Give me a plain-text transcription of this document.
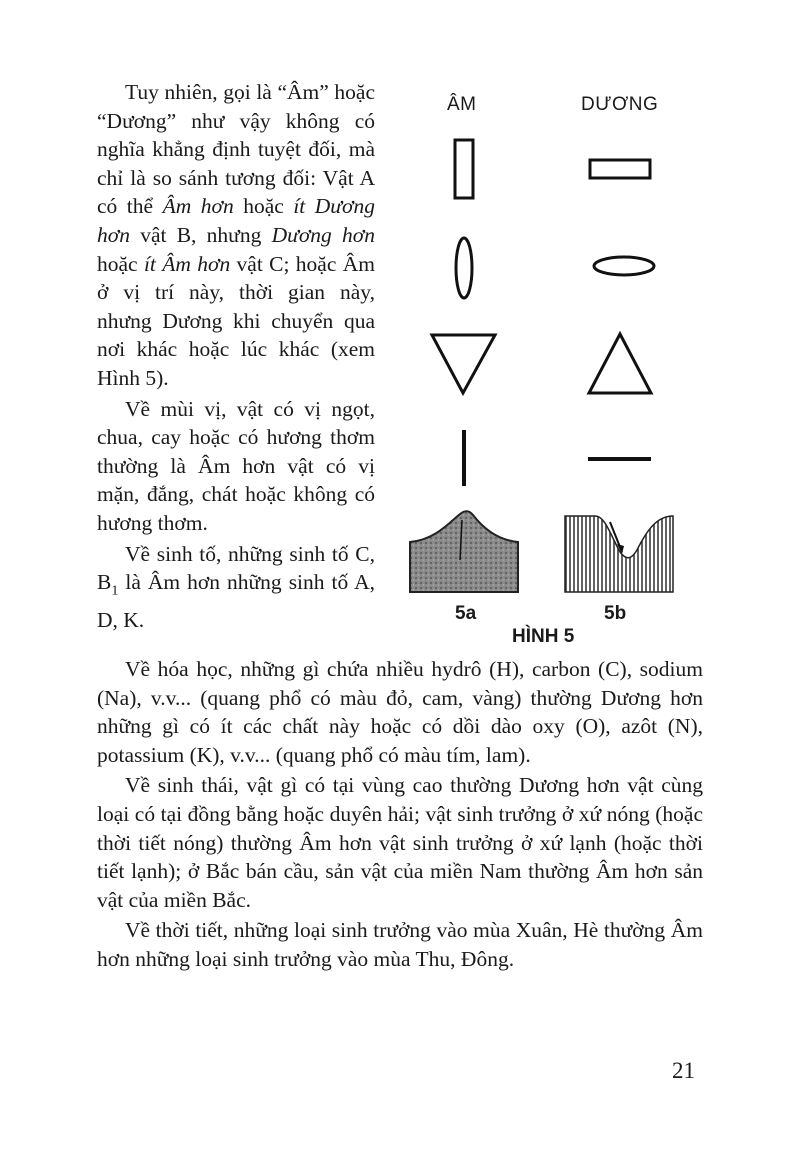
Tuy nhiên, gọi là “Âm” hoặc “Dương” như vậy không có nghĩa khẳng định tuyệt đối, mà chỉ là so sánh tương đối: Vật A có thể Âm hơn hoặc ít Dương hơn vật B, nhưng Dương hơn hoặc ít Âm hơn vật C; hoặc Âm ở vị trí này, thời gian này, nhưng Dương khi chuyển qua nơi khác hoặc lúc khác (xem Hình 5).

Về mùi vị, vật có vị ngọt, chua, cay hoặc có hương thơm thường là Âm hơn vật có vị mặn, đắng, chát hoặc không có hương thơm.

Về sinh tố, những sinh tố C, $B_1$ là Âm hơn những sinh tố A, D, K.

ÂM	DƯƠNG
5a	5b
HÌNH 5

Về hóa học, những gì chứa nhiều hydrô (H), carbon (C), sodium (Na), v.v... (quang phổ có màu đỏ, cam, vàng) thường Dương hơn những gì có ít các chất này hoặc có dồi dào oxy (O), azôt (N), potassium (K), v.v... (quang phổ có màu tím, lam).

Về sinh thái, vật gì có tại vùng cao thường Dương hơn vật cùng loại có tại đồng bằng hoặc duyên hải; vật sinh trưởng ở xứ nóng (hoặc thời tiết nóng) thường Âm hơn vật sinh trưởng ở xứ lạnh (hoặc thời tiết lạnh); ở Bắc bán cầu, sản vật của miền Nam thường Âm hơn sản vật của miền Bắc.

Về thời tiết, những loại sinh trưởng vào mùa Xuân, Hè thường Âm hơn những loại sinh trưởng vào mùa Thu, Đông.

21
